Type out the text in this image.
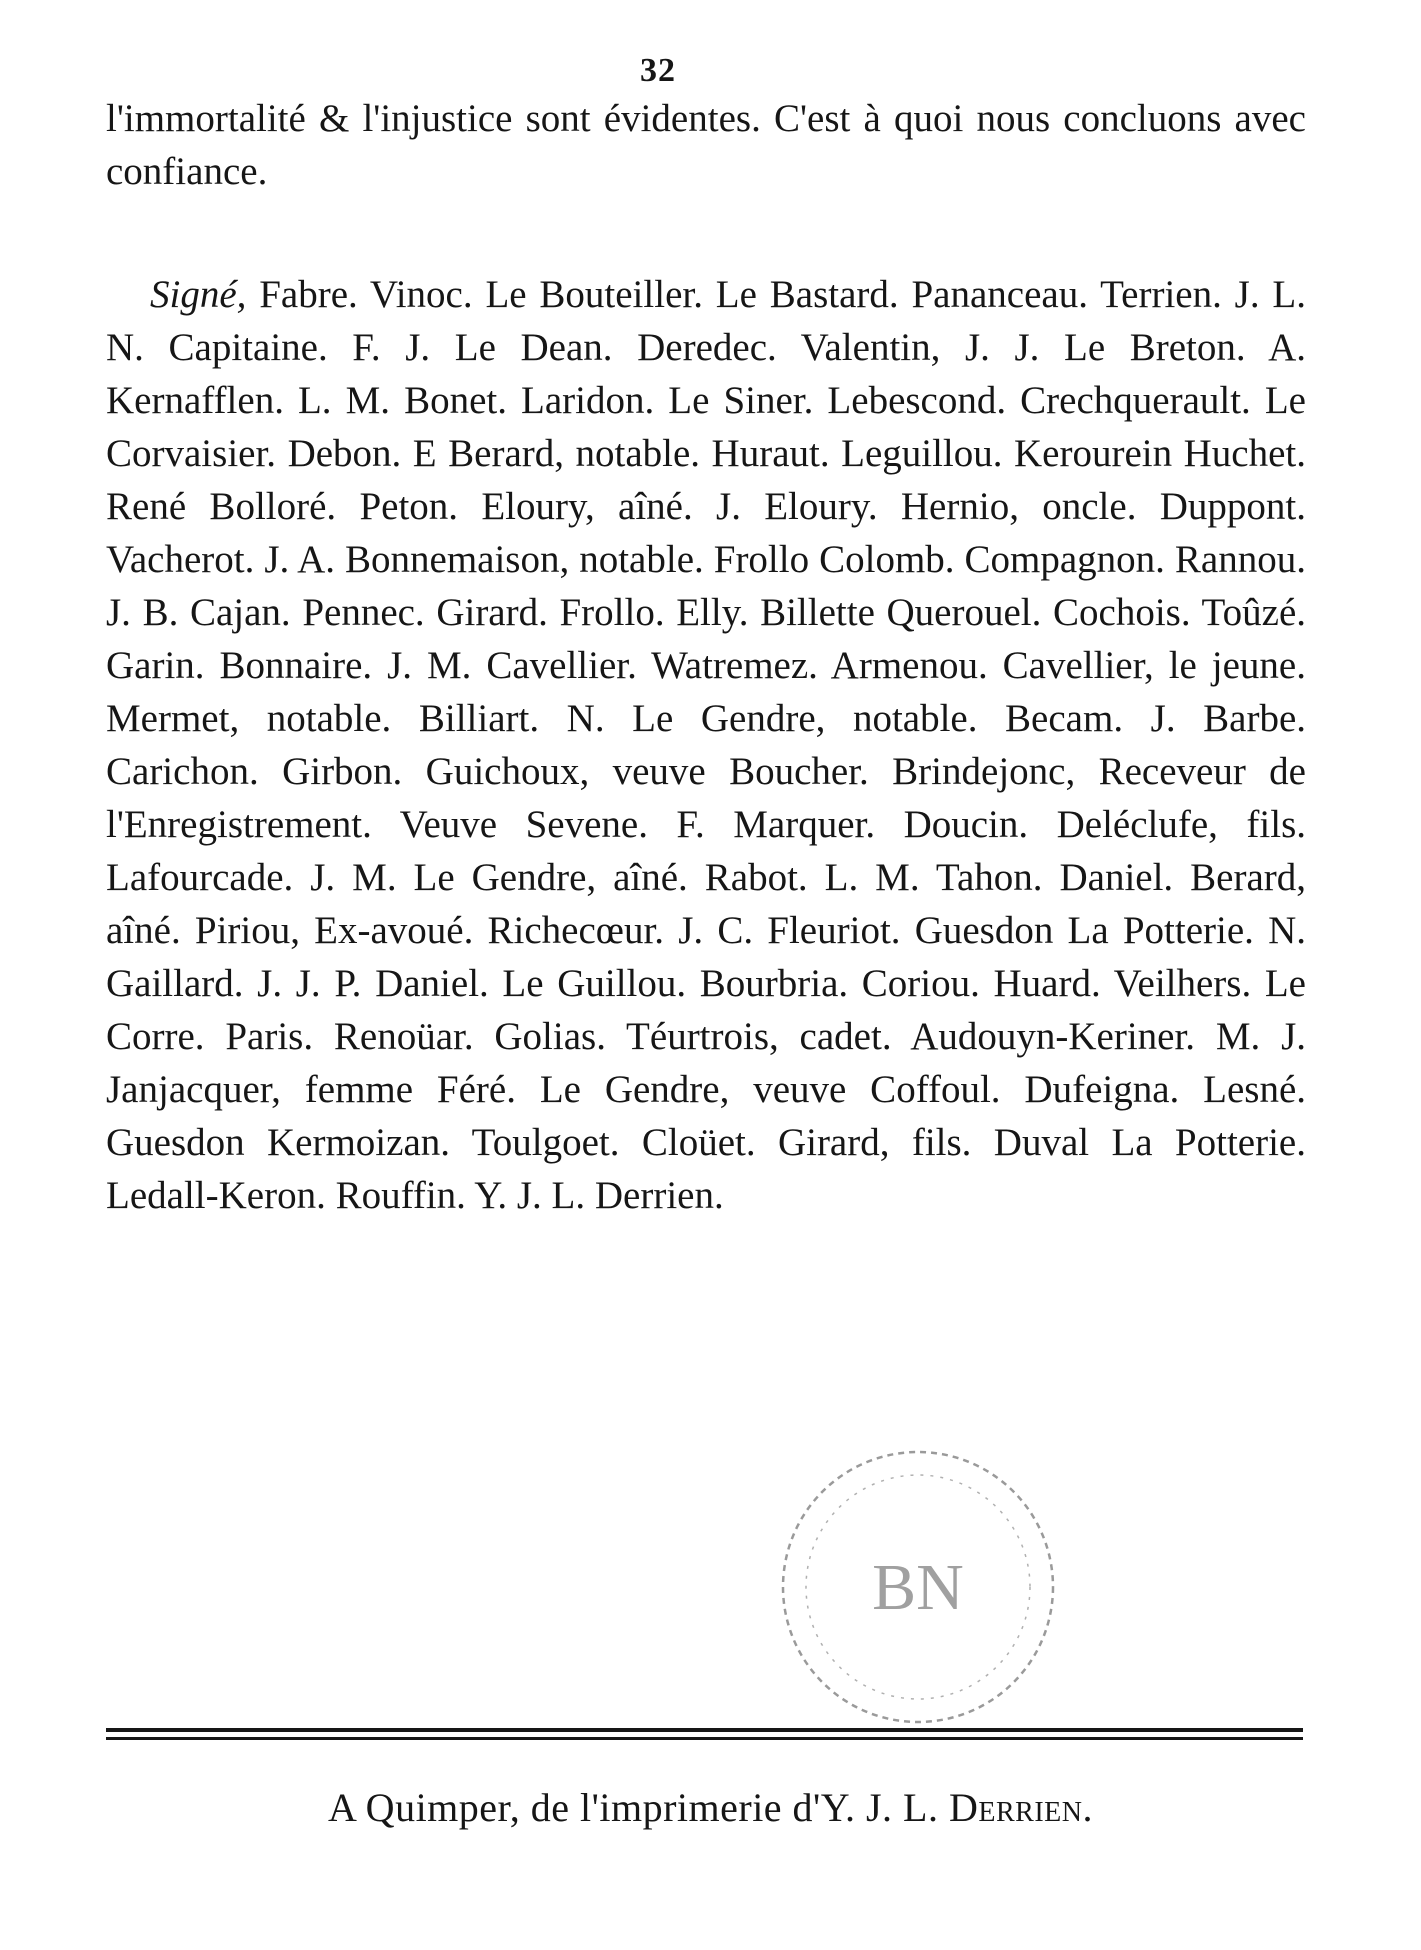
32

l'immortalité & l'injustice sont évidentes. C'est à quoi nous concluons avec confiance.

Signé, Fabre. Vinoc. Le Bouteiller. Le Bastard. Pananceau. Terrien. J. L. N. Capitaine. F. J. Le Dean. Deredec. Valentin, J. J. Le Breton. A. Kernafflen. L. M. Bonet. Laridon. Le Siner. Lebescond. Crechquerault. Le Corvaisier. Debon. E Berard, notable. Huraut. Leguillou. Kerourein Huchet. René Bolloré. Peton. Eloury, aîné. J. Eloury. Hernio, oncle. Duppont. Vacherot. J. A. Bonnemaison, notable. Frollo Colomb. Compagnon. Rannou. J. B. Cajan. Pennec. Girard. Frollo. Elly. Billette Querouel. Cochois. Toûzé. Garin. Bonnaire. J. M. Cavellier. Watremez. Armenou. Cavellier, le jeune. Mermet, notable. Billiart. N. Le Gendre, notable. Becam. J. Barbe. Carichon. Girbon. Guichoux, veuve Boucher. Brindejonc, Receveur de l'Enregistrement. Veuve Sevene. F. Marquer. Doucin. Deléclufe, fils. Lafourcade. J. M. Le Gendre, aîné. Rabot. L. M. Tahon. Daniel. Berard, aîné. Piriou, Ex-avoué. Richecœur. J. C. Fleuriot. Guesdon La Potterie. N. Gaillard. J. J. P. Daniel. Le Guillou. Bourbria. Coriou. Huard. Veilhers. Le Corre. Paris. Renoüar. Golias. Téurtrois, cadet. Audouyn-Keriner. M. J. Janjacquer, femme Féré. Le Gendre, veuve Coffoul. Dufeigna. Lesné. Guesdon Kermoizan. Toulgoet. Cloüet. Girard, fils. Duval La Potterie. Ledall-Keron. Rouffin. Y. J. L. Derrien.
BN
A Quimper, de l'imprimerie d'Y. J. L. Derrien.
